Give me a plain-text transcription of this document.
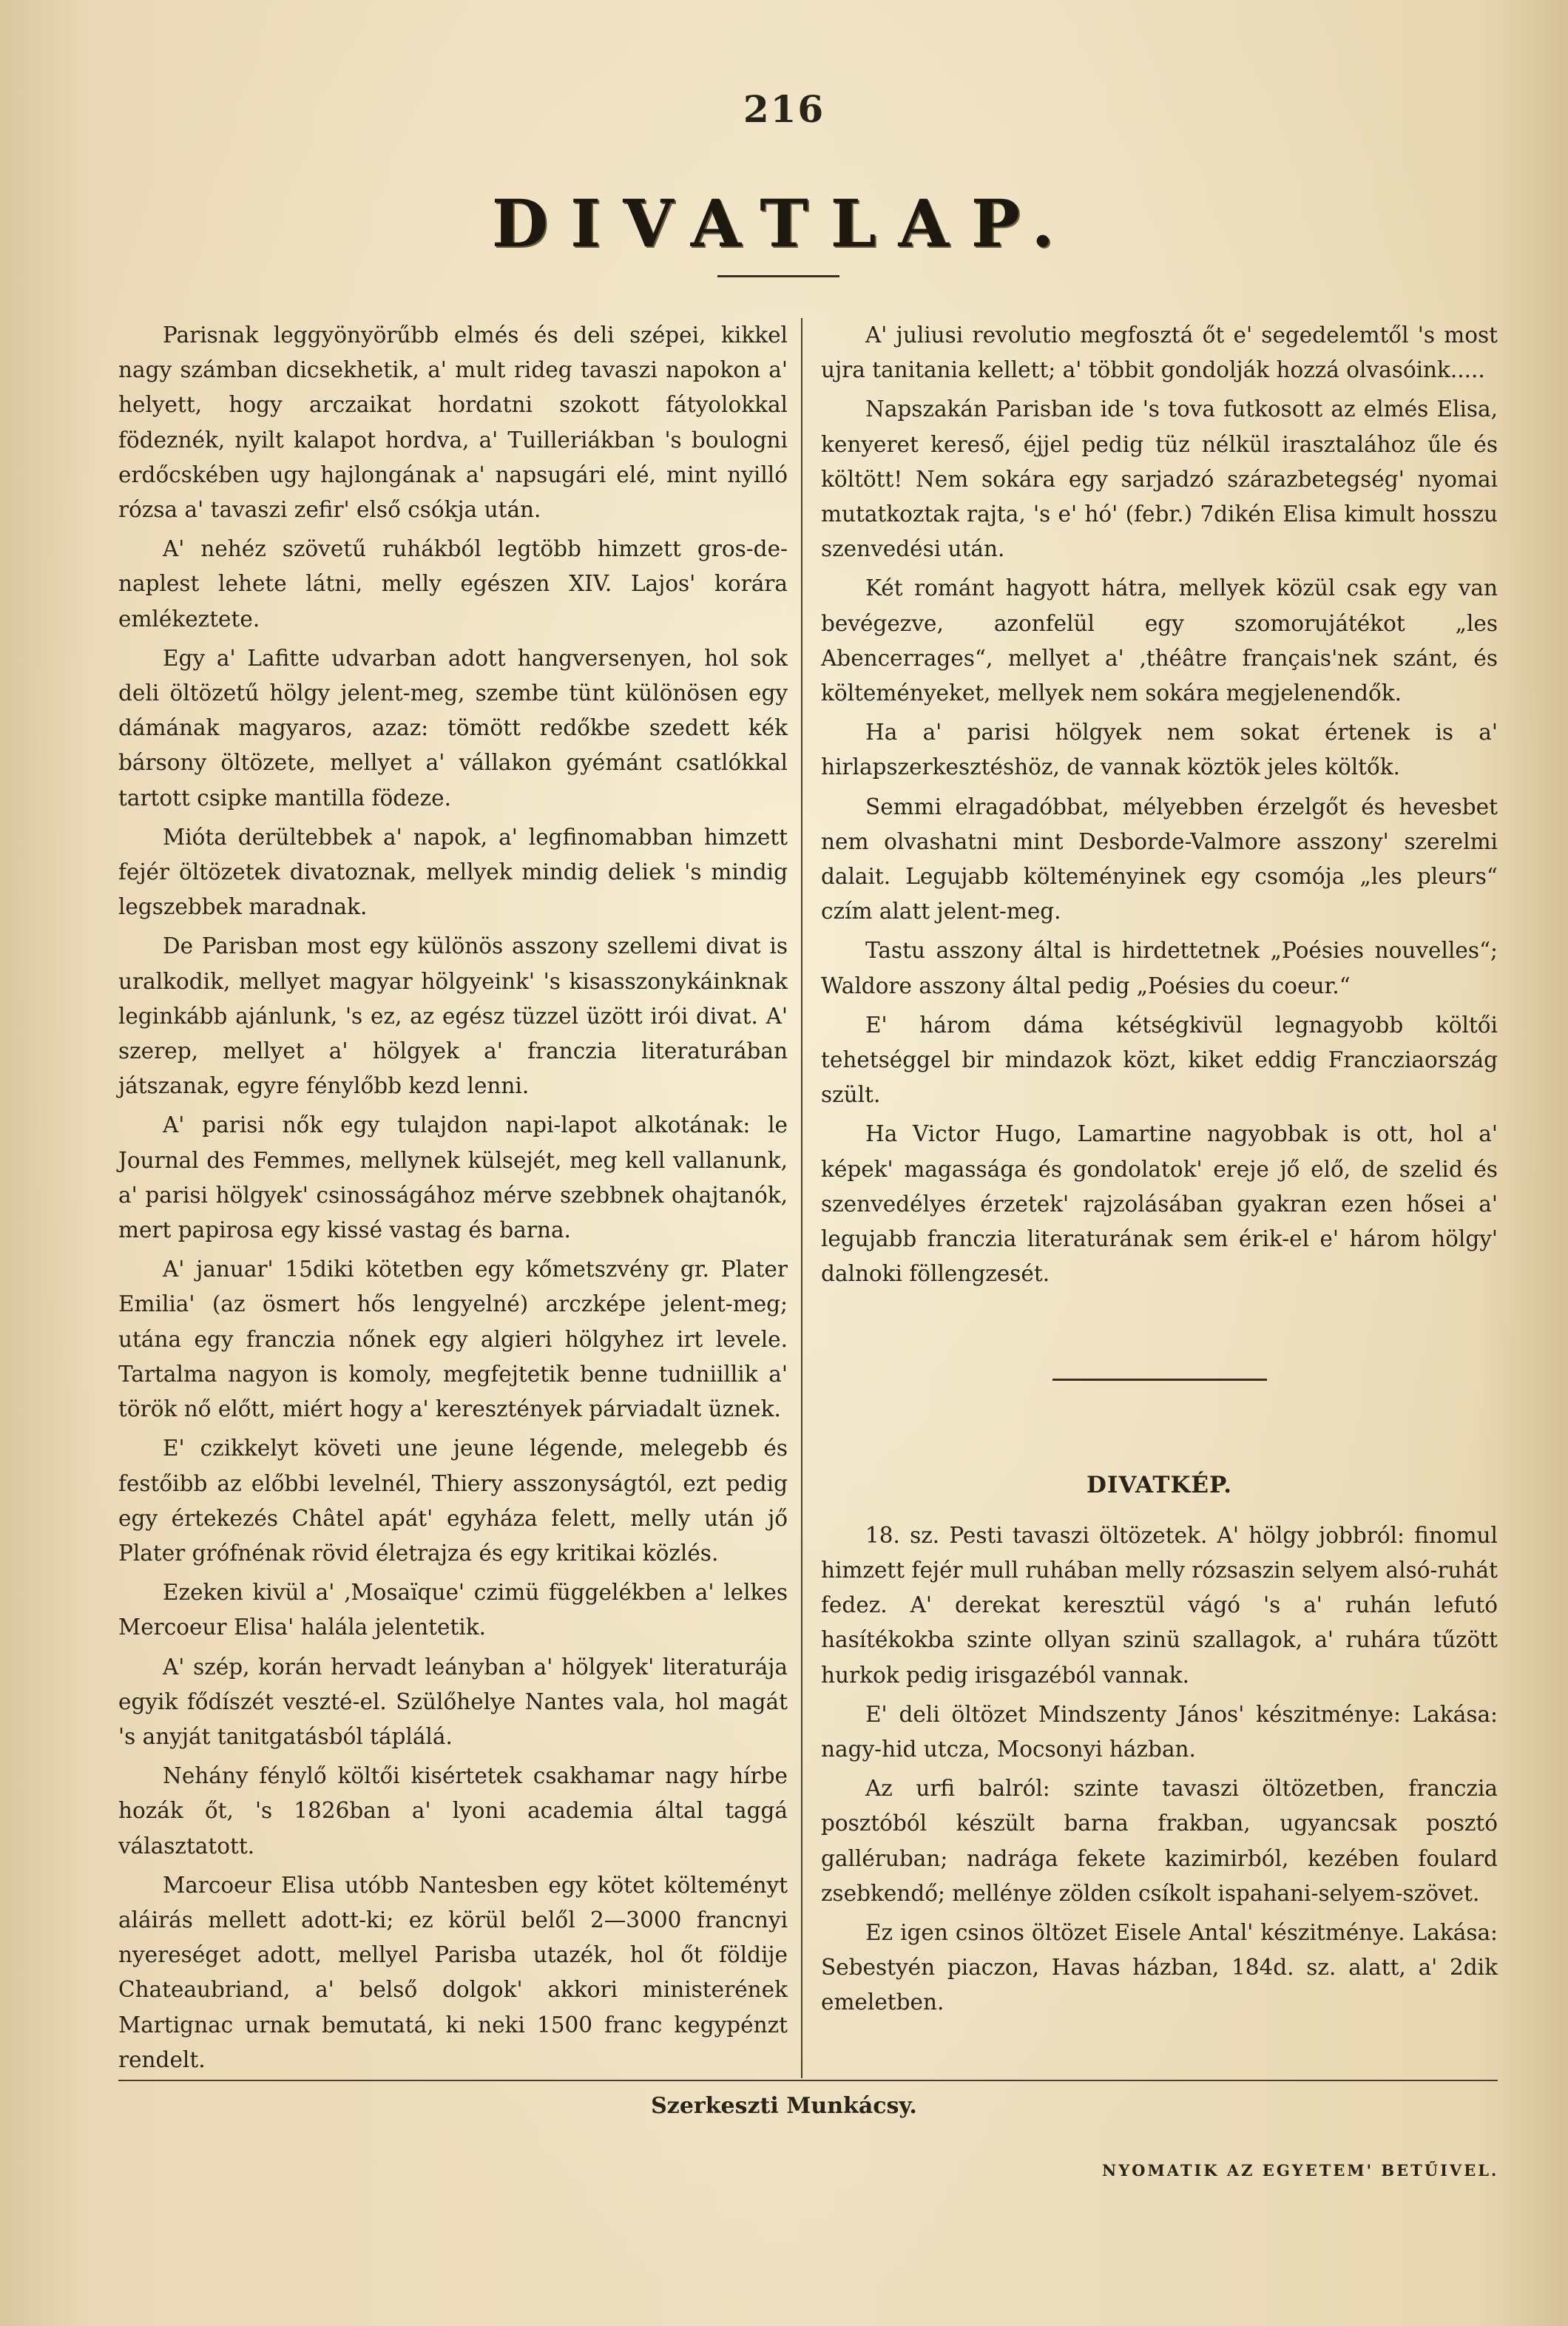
216
DIVATLAP.

Parisnak leggyönyörűbb elmés és deli szépei, kikkel nagy számban dicsekhetik, a' mult rideg tavaszi napokon a' helyett, hogy arczaikat hordatni szokott fátyolokkal födeznék, nyilt kalapot hordva, a' Tuilleriákban 's boulogni erdőcskében ugy hajlongának a' napsugári elé, mint nyilló rózsa a' tavaszi zefir' első csókja után.

A' nehéz szövetű ruhákból legtöbb himzett gros-de-naplest lehete látni, melly egészen XIV. Lajos' korára emlékeztete.

Egy a' Lafitte udvarban adott hangversenyen, hol sok deli öltözetű hölgy jelent-meg, szembe tünt különösen egy dámának magyaros, azaz: tömött redőkbe szedett kék bársony öltözete, mellyet a' vállakon gyémánt csatlókkal tartott csipke mantilla födeze.

Mióta derültebbek a' napok, a' legfinomabban himzett fejér öltözetek divatoznak, mellyek mindig deliek 's mindig legszebbek maradnak.

De Parisban most egy különös asszony szellemi divat is uralkodik, mellyet magyar hölgyeink' 's kisasszonykáinknak leginkább ajánlunk, 's ez, az egész tüzzel üzött irói divat. A' szerep, mellyet a' hölgyek a' franczia literaturában játszanak, egyre fénylőbb kezd lenni.

A' parisi nők egy tulajdon napi-lapot alkotának: le Journal des Femmes, mellynek külsejét, meg kell vallanunk, a' parisi hölgyek' csinosságához mérve szebbnek ohajtanók, mert papirosa egy kissé vastag és barna.

A' januar' 15diki kötetben egy kőmetszvény gr. Plater Emilia' (az ösmert hős lengyelné) arczképe jelent-meg; utána egy franczia nőnek egy algieri hölgyhez irt levele. Tartalma nagyon is komoly, megfejtetik benne tudniillik a' török nő előtt, miért hogy a' keresztények párviadalt üznek.

E' czikkelyt követi une jeune légende, melegebb és festőibb az előbbi levelnél, Thiery asszonyságtól, ezt pedig egy értekezés Châtel apát' egyháza felett, melly után jő Plater grófnénak rövid életrajza és egy kritikai közlés.

Ezeken kivül a' ‚Mosaïque' czimü függelékben a' lelkes Mercoeur Elisa' halála jelentetik.

A' szép, korán hervadt leányban a' hölgyek' literaturája egyik fődíszét veszté-el. Szülőhelye Nantes vala, hol magát 's anyját tanitgatásból táplálá.

Nehány fénylő költői kisértetek csakhamar nagy hírbe hozák őt, 's 1826ban a' lyoni academia által taggá választatott.

Marcoeur Elisa utóbb Nantesben egy kötet költeményt aláirás mellett adott-ki; ez körül belől 2—3000 francnyi nyereséget adott, mellyel Parisba utazék, hol őt földije Chateaubriand, a' belső dolgok' akkori ministerének Martignac urnak bemutatá, ki neki 1500 franc kegypénzt rendelt.

A' juliusi revolutio megfosztá őt e' segedelemtől 's most ujra tanitania kellett; a' többit gondolják hozzá olvasóink.....

Napszakán Parisban ide 's tova futkosott az elmés Elisa, kenyeret kereső, éjjel pedig tüz nélkül irasztalához űle és költött! Nem sokára egy sarjadzó szárazbetegség' nyomai mutatkoztak rajta, 's e' hó' (febr.) 7dikén Elisa kimult hosszu szenvedési után.

Két románt hagyott hátra, mellyek közül csak egy van bevégezve, azonfelül egy szomorujátékot „les Abencerrages“, mellyet a' ‚théâtre français'nek szánt, és költeményeket, mellyek nem sokára megjelenendők.

Ha a' parisi hölgyek nem sokat értenek is a' hirlapszerkesztéshöz, de vannak köztök jeles költők.

Semmi elragadóbbat, mélyebben érzelgőt és hevesbet nem olvashatni mint Desborde-Valmore asszony' szerelmi dalait. Legujabb költeményinek egy csomója „les pleurs“ czím alatt jelent-meg.

Tastu asszony által is hirdettetnek „Poésies nouvelles“; Waldore asszony által pedig „Poésies du coeur.“

E' három dáma kétségkivül legnagyobb költői tehetséggel bir mindazok közt, kiket eddig Francziaország szült.

Ha Victor Hugo, Lamartine nagyobbak is ott, hol a' képek' magassága és gondolatok' ereje jő elő, de szelid és szenvedélyes érzetek' rajzolásában gyakran ezen hősei a' legujabb franczia literaturának sem érik-el e' három hölgy' dalnoki föllengzesét.

DIVATKÉP.

18. sz. Pesti tavaszi öltözetek. A' hölgy jobbról: finomul himzett fejér mull ruhában melly rózsaszin selyem alsó-ruhát fedez. A' derekat keresztül vágó 's a' ruhán lefutó hasítékokba szinte ollyan szinü szallagok, a' ruhára tűzött hurkok pedig irisgazéból vannak.

E' deli öltözet Mindszenty János' készitménye: Lakása: nagy-hid utcza, Mocsonyi házban.

Az urfi balról: szinte tavaszi öltözetben, franczia posztóból készült barna frakban, ugyancsak posztó galléruban; nadrága fekete kazimirból, kezében foulard zsebkendő; mellénye zölden csíkolt ispahani-selyem-szövet.

Ez igen csinos öltözet Eisele Antal' készitménye. Lakása: Sebestyén piaczon, Havas házban, 184d. sz. alatt, a' 2dik emeletben.

Szerkeszti Munkácsy.
NYOMATIK AZ EGYETEM' BETŰIVEL.
